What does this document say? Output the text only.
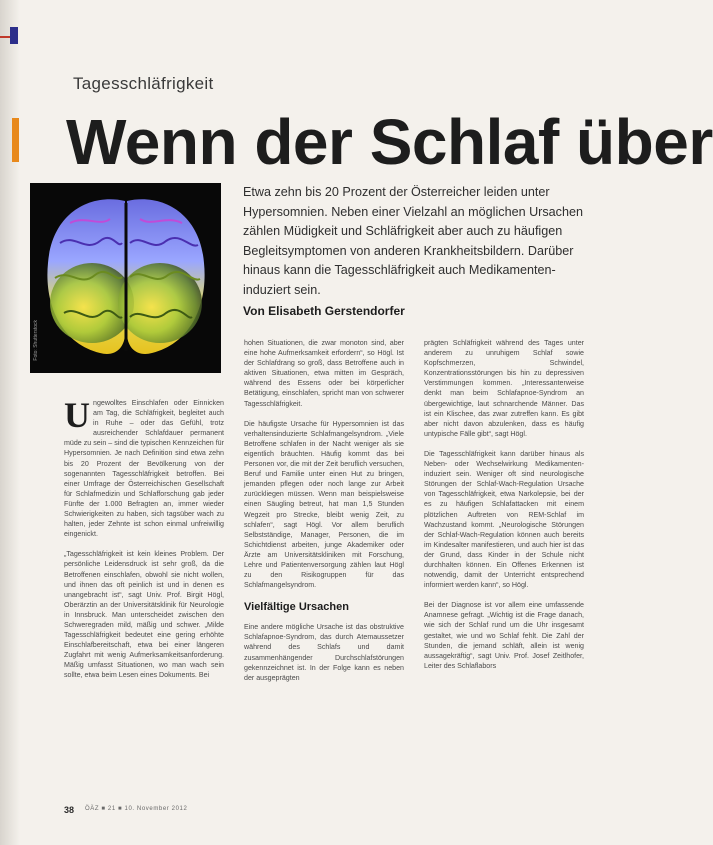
Tagesschläfrigkeit
Wenn der Schlaf über
Foto: Shutterstock
Etwa zehn bis 20 Prozent der Österreicher leiden unter Hypersomnien. Neben einer Vielzahl an möglichen Ursachen zählen Müdigkeit und Schläfrigkeit aber auch zu häufigen Begleitsymptomen von anderen Krankheitsbildern. Darüber hinaus kann die Tagesschläfrigkeit auch Medikamenten-induziert sein.
Von Elisabeth Gerstendorfer

Ungewolltes Einschlafen oder Einnicken am Tag, die Schläfrigkeit, begleitet auch in Ruhe – oder das Gefühl, trotz ausreichender Schlafdauer permanent müde zu sein – sind die typischen Kennzeichen für Hypersomnien. Je nach Definition sind etwa zehn bis 20 Prozent der Bevölkerung von der sogenannten Tagesschläfrigkeit betroffen. Bei einer Umfrage der Österreichischen Gesellschaft für Schlafmedizin und Schlafforschung gab jeder Fünfte der 1.000 Befragten an, immer wieder Schwierigkeiten zu haben, sich tagsüber wach zu halten, jeder Zehnte ist schon einmal unfreiwillig eingenickt.

„Tagesschläfrigkeit ist kein kleines Problem. Der persönliche Leidensdruck ist sehr groß, da die Betroffenen einschlafen, obwohl sie nicht wollen, und ihnen das oft peinlich ist und in denen es unangebracht ist“, sagt Univ. Prof. Birgit Högl, Oberärztin an der Universitätsklinik für Neurologie in Innsbruck. Man unterscheidet zwischen den Schweregraden mild, mäßig und schwer. „Milde Tagesschläfrigkeit bedeutet eine gering erhöhte Einschlafbereitschaft, etwa bei einer längeren Zugfahrt mit wenig Aufmerksamkeitsanforderung. Mäßig umfasst Situationen, wo man wach sein sollte, etwa beim Lesen eines Dokuments. Bei

hohen Situationen, die zwar monoton sind, aber eine hohe Aufmerksamkeit erfordern“, so Högl. Ist der Schlafdrang so groß, dass Betroffene auch in aktiven Situationen, etwa mitten im Gespräch, während des Essens oder bei körperlicher Betätigung, einschlafen, spricht man von schwerer Tagesschläfrigkeit.

Die häufigste Ursache für Hypersomnien ist das verhaltensinduzierte Schlafmangelsyndrom. „Viele Betroffene schlafen in der Nacht weniger als sie eigentlich bräuchten. Häufig kommt das bei Personen vor, die mit der Zeit beruflich versuchen, Beruf und Familie unter einen Hut zu bringen, jemanden pflegen oder noch lange zur Arbeit zurückliegen müssen. Wenn man beispielsweise einen Säugling betreut, hat man 1,5 Stunden Wegzeit pro Strecke, bleibt wenig Zeit, zu schlafen“, sagt Högl. Vor allem beruflich Selbstständige, Manager, Personen, die im Schichtdienst arbeiten, junge Akademiker oder Ärzte am Universitätskliniken mit Forschung, Lehre und Patientenversorgung zählen laut Högl zu den Risikogruppen für das Schlafmangelsyndrom.

Vielfältige Ursachen

Eine andere mögliche Ursache ist das obstruktive Schlafapnoe-Syndrom, das durch Atemaussetzer während des Schlafs und damit zusammenhängender Durchschlafstörungen gekennzeichnet ist. In der Folge kann es neben der ausgeprägten

prägten Schläfrigkeit während des Tages unter anderem zu unruhigem Schlaf sowie Kopfschmerzen, Schwindel, Konzentrationsstörungen bis hin zu depressiven Verstimmungen kommen. „Interessanterweise denkt man beim Schlafapnoe-Syndrom an übergewichtige, laut schnarchende Männer. Das ist ein Klischee, das zwar zutreffen kann. Es gibt aber nicht davon abzulenken, dass es häufig untypische Fälle gibt“, sagt Högl.

Die Tagesschläfrigkeit kann darüber hinaus als Neben- oder Wechselwirkung Medikamenten-induziert sein. Weniger oft sind neurologische Störungen der Schlaf-Wach-Regulation Ursache von Tagesschläfrigkeit, etwa Narkolepsie, bei der es zu häufigen Schlafattacken mit einem plötzlichen Auftreten von REM-Schlaf im Wachzustand kommt. „Neurologische Störungen der Schlaf-Wach-Regulation können auch bereits im Kindesalter manifestieren, und auch hier ist das der Grund, dass Kinder in der Schule nicht durchhalten können. Ein Offenes Erkennen ist notwendig, damit der Unterricht entsprechend informiert werden kann“, so Högl.

Bei der Diagnose ist vor allem eine umfassende Anamnese gefragt. „Wichtig ist die Frage danach, wie sich der Schlaf rund um die Uhr insgesamt gestaltet, wie und wo Schlaf fehlt. Die Zahl der Stunden, die jemand schläft, allein ist wenig aussagekräftig“, sagt Univ. Prof. Josef Zeitlhofer, Leiter des Schlaflabors

38 ÖÄZ ■ 21 ■ 10. November 2012
